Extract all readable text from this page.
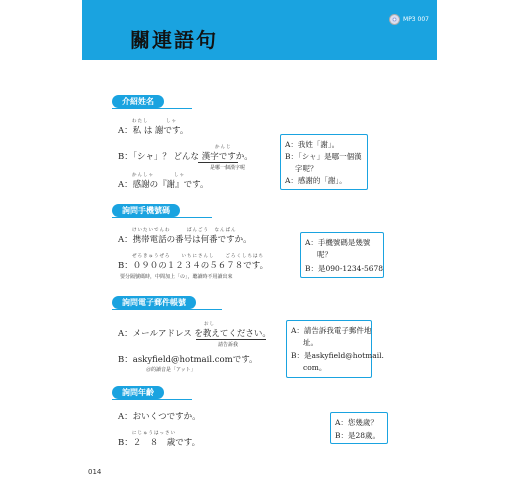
關連語句
MP3 007
介紹姓名
わたし	しゃ
A：私 は 謝です。
かんじ
B：「シャ」？ どんな 漢字ですか。
是哪一個漢字呢
かんしゃ	しゃ
A：感謝の『謝』です。
A：我姓「謝」。
B：「シャ」是哪一個漢
字呢？
A：感謝的「謝」。
詢問手機號碼
けいたいでんわ　　　ばんごう　なんばん
A：携帯電話の番号は何番ですか。
ぜろきゅうぜろ　　いちにさんし　　ごろくしちはち
B：０９０の１２３４の５６７８です。
要分隔號碼時，中間加上「の」，聽讀時不用讀出來
A：手機號碼是幾號
呢？
B：是090-1234-5678
詢問電子郵件帳號
おし
A：メールアドレス を教えてください。
請告訴我
B：askyfield@hotmail.comです。
＠的讀音是「アット」
A：請告訴我電子郵件地
址。
B：是askyfield@hotmail.
com。
詢問年齡
A：おいくつですか。
にじゅうはっさい
B：２　８　歳です。
A：您幾歲？
B：是28歲。
014
